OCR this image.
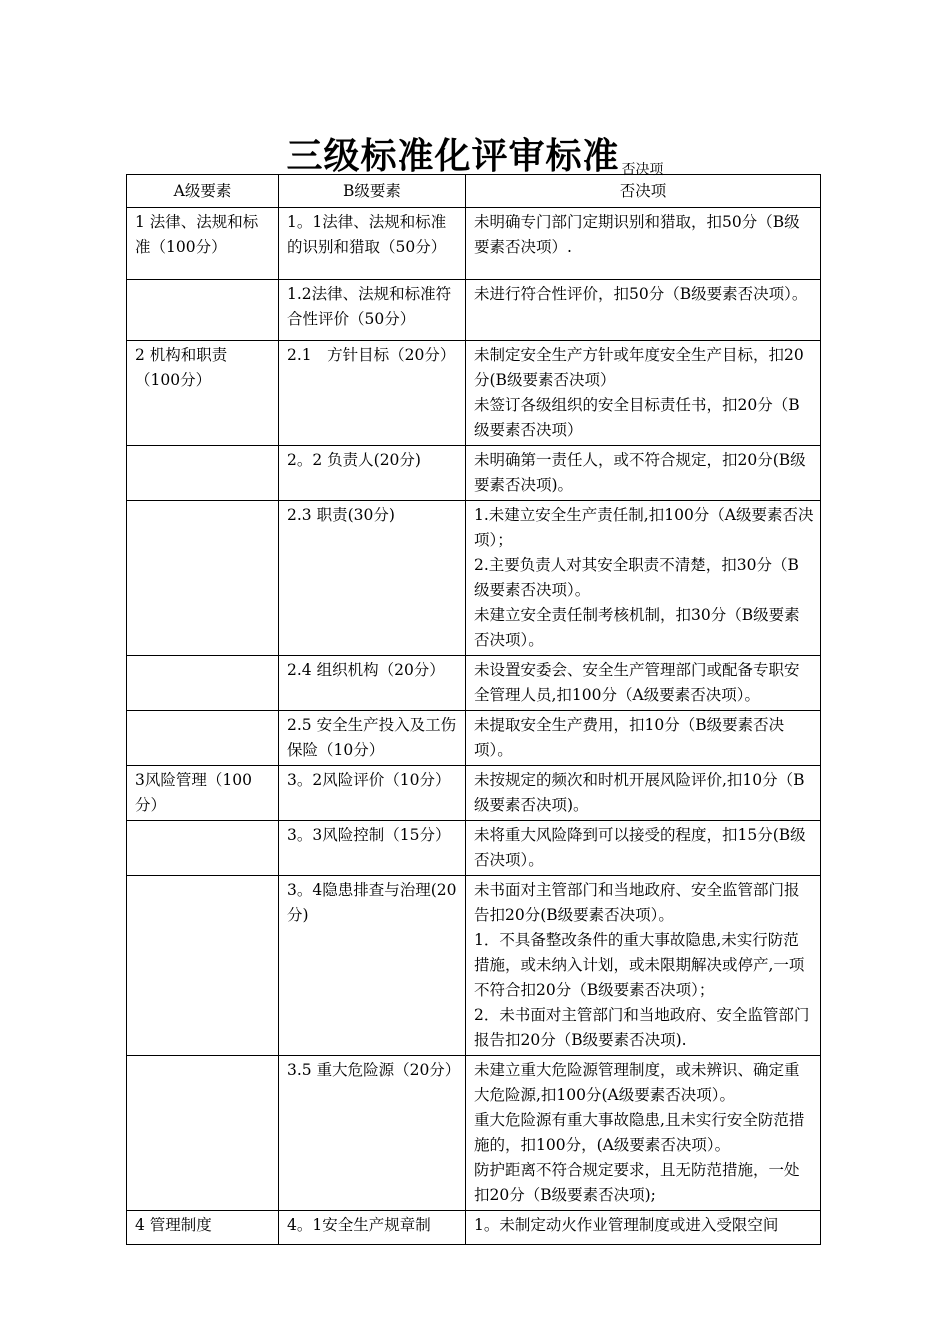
三级标准化评审标准 否决项
A级要素	B级要素	否决项
1 法律、法规和标准（100分）	1。1法律、法规和标准的识别和猎取（50分）	未明确专门部门定期识别和猎取，扣50分（B级要素否决项）.

	1.2法律、法规和标准符合性评价（50分）	未进行符合性评价，扣50分（B级要素否决项）。

2 机构和职责（100分）	2.1　方针目标（20分）	未制定安全生产方针或年度安全生产目标，扣20分(B级要素否决项）
未签订各级组织的安全目标责任书，扣20分（B级要素否决项）

	2。2 负责人(20分)	未明确第一责任人，或不符合规定，扣20分(B级要素否决项)。

	2.3 职责(30分)	1.未建立安全生产责任制,扣100分（A级要素否决项）；
2.主要负责人对其安全职责不清楚，扣30分（B级要素否决项）。
未建立安全责任制考核机制，扣30分（B级要素否决项）。

	2.4 组织机构（20分）	未设置安委会、安全生产管理部门或配备专职安全管理人员,扣100分（A级要素否决项）。

	2.5 安全生产投入及工伤保险（10分）	未提取安全生产费用，扣10分（B级要素否决项）。

3风险管理（100分）	3。2风险评价（10分）	未按规定的频次和时机开展风险评价,扣10分（B级要素否决项)。

	3。3风险控制（15分）	未将重大风险降到可以接受的程度，扣15分(B级否决项）。

	3。4隐患排查与治理(20分)	未书面对主管部门和当地政府、安全监管部门报告扣20分(B级要素否决项）。
1．不具备整改条件的重大事故隐患,未实行防范措施，或未纳入计划，或未限期解决或停产,一项不符合扣20分（B级要素否决项）；
2．未书面对主管部门和当地政府、安全监管部门报告扣20分（B级要素否决项).

	3.5 重大危险源（20分）	未建立重大危险源管理制度，或未辨识、确定重大危险源,扣100分(A级要素否决项）。
重大危险源有重大事故隐患,且未实行安全防范措施的，扣100分，(A级要素否决项）。
防护距离不符合规定要求，且无防范措施，一处扣20分（B级要素否决项);

4 管理制度	4。1安全生产规章制	1。未制定动火作业管理制度或进入受限空间
